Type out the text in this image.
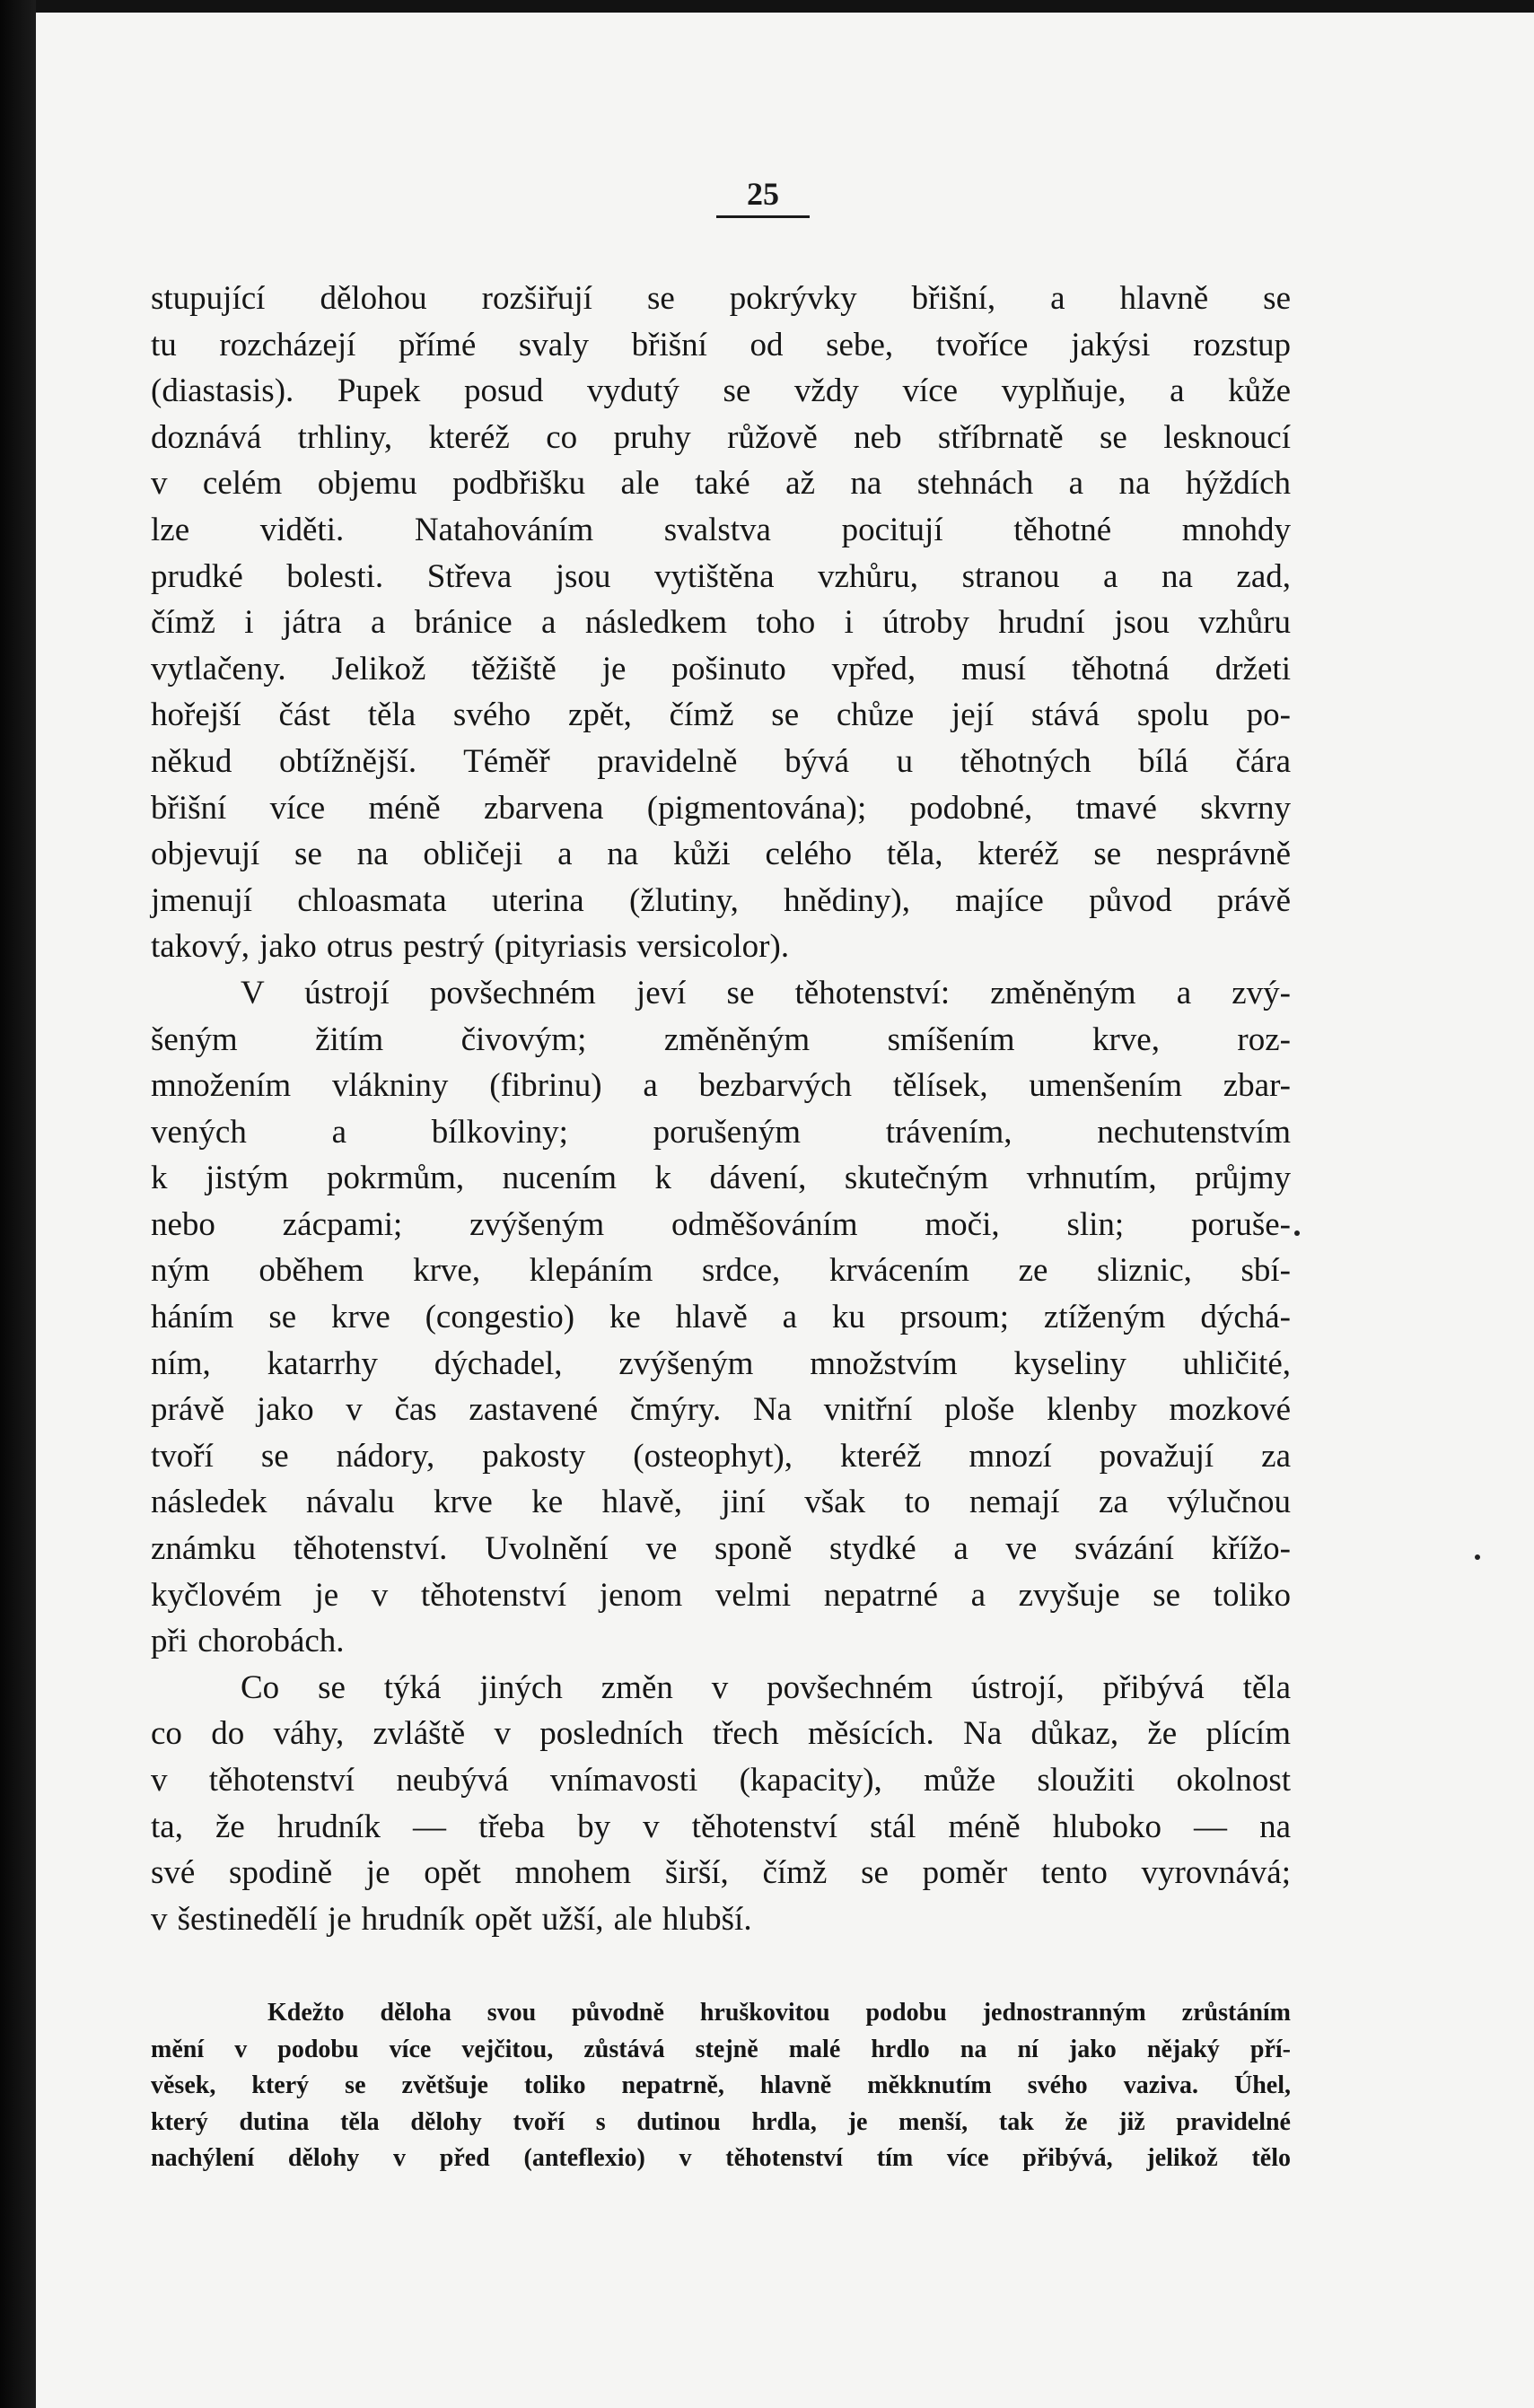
25
stupující dělohou rozšiřují se pokrývky břišní, a hlavně se
tu rozcházejí přímé svaly břišní od sebe, tvoříce jakýsi rozstup
(diastasis). Pupek posud vydutý se vždy více vyplňuje, a kůže
doznává trhliny, kteréž co pruhy růžově neb stříbrnatě se lesknoucí
v celém objemu podbřišku ale také až na stehnách a na hýždích
lze viděti. Natahováním svalstva pocitují těhotné mnohdy
prudké bolesti. Střeva jsou vytištěna vzhůru, stranou a na zad,
čímž i játra a bránice a následkem toho i útroby hrudní jsou vzhůru
vytlačeny. Jelikož těžiště je pošinuto vpřed, musí těhotná držeti
hořejší část těla svého zpět, čímž se chůze její stává spolu po-
někud obtížnější. Téměř pravidelně bývá u těhotných bílá čára
břišní více méně zbarvena (pigmentována); podobné, tmavé skvrny
objevují se na obličeji a na kůži celého těla, kteréž se nesprávně
jmenují chloasmata uterina (žlutiny, hnědiny), majíce původ právě
takový, jako otrus pestrý (pityriasis versicolor).
V ústrojí povšechném jeví se těhotenství: změněným a zvý-
šeným žitím čivovým; změněným smíšením krve, roz-
množením vlákniny (fibrinu) a bezbarvých tělísek, umenšením zbar-
vených a bílkoviny; porušeným trávením, nechutenstvím
k jistým pokrmům, nucením k dávení, skutečným vrhnutím, průjmy
nebo zácpami; zvýšeným odměšováním moči, slin; poruše-
ným oběhem krve, klepáním srdce, krvácením ze sliznic, sbí-
háním se krve (congestio) ke hlavě a ku prsoum; ztíženým dýchá-
ním, katarrhy dýchadel, zvýšeným množstvím kyseliny uhličité,
právě jako v čas zastavené čmýry. Na vnitřní ploše klenby mozkové
tvoří se nádory, pakosty (osteophyt), kteréž mnozí považují za
následek návalu krve ke hlavě, jiní však to nemají za výlučnou
známku těhotenství. Uvolnění ve sponě stydké a ve svázání křížo-
kyčlovém je v těhotenství jenom velmi nepatrné a zvyšuje se toliko
při chorobách.
Co se týká jiných změn v povšechném ústrojí, přibývá těla
co do váhy, zvláště v posledních třech měsících. Na důkaz, že plícím
v těhotenství neubývá vnímavosti (kapacity), může sloužiti okolnost
ta, že hrudník — třeba by v těhotenství stál méně hluboko — na
své spodině je opět mnohem širší, čímž se poměr tento vyrovnává;
v šestinedělí je hrudník opět užší, ale hlubší.
Kdežto děloha svou původně hruškovitou podobu jednostranným zrůstáním
mění v podobu více vejčitou, zůstává stejně malé hrdlo na ní jako nějaký pří-
věsek, který se zvětšuje toliko nepatrně, hlavně měkknutím svého vaziva. Úhel,
který dutina těla dělohy tvoří s dutinou hrdla, je menší, tak že již pravidelné
nachýlení dělohy v před (anteflexio) v těhotenství tím více přibývá, jelikož tělo
